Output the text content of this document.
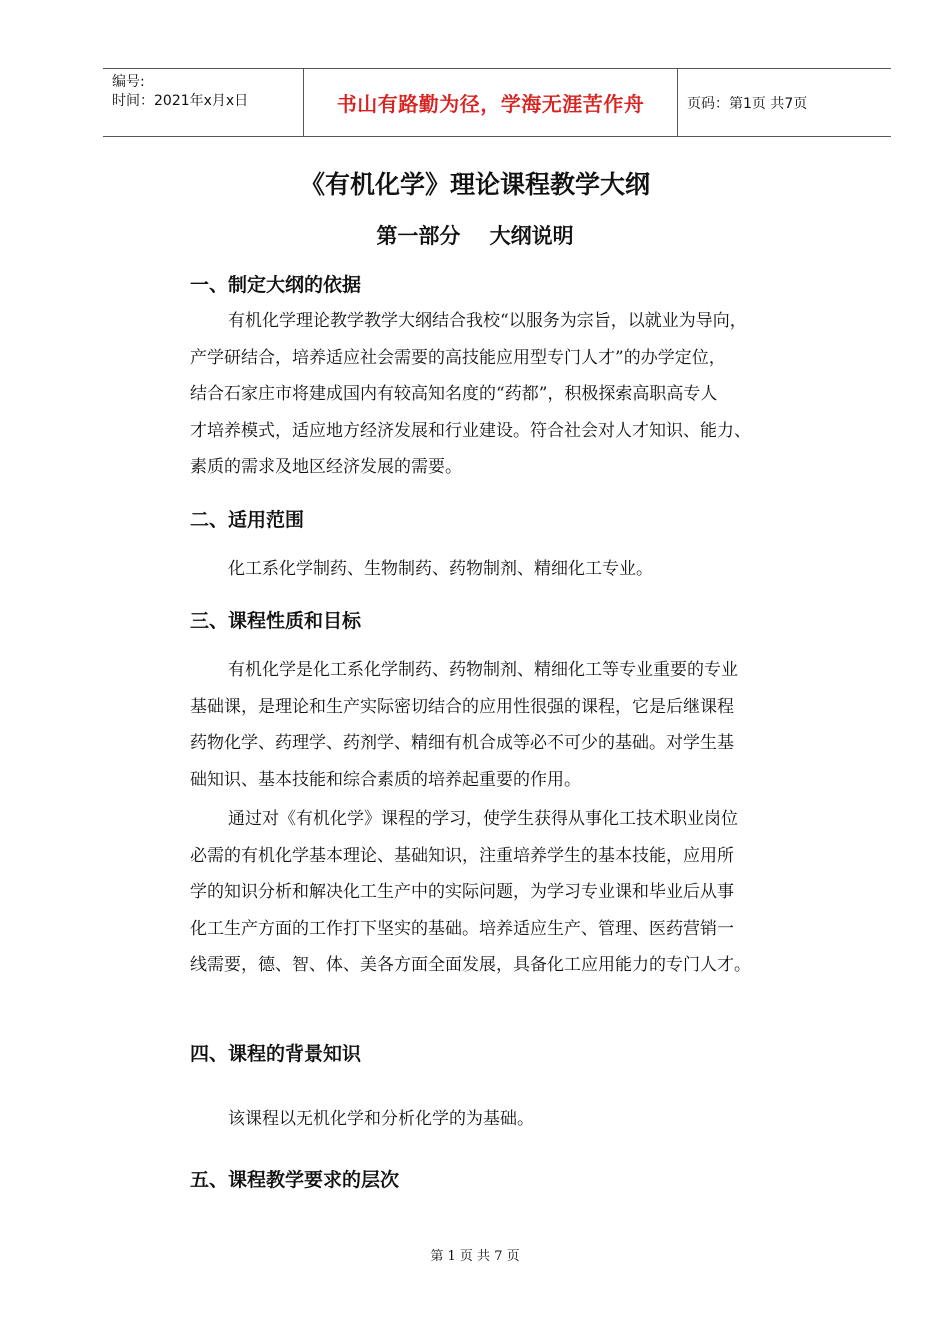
编号:
时间：2021年x月x日	书山有路勤为径，学海无涯苦作舟	页码：第1页 共7页
《有机化学》理论课程教学大纲
第一部分    大纲说明
一、制定大纲的依据
有机化学理论教学教学大纲结合我校“以服务为宗旨，以就业为导向，
产学研结合，培养适应社会需要的高技能应用型专门人才”的办学定位，
结合石家庄市将建成国内有较高知名度的“药都”，积极探索高职高专人
才培养模式，适应地方经济发展和行业建设。符合社会对人才知识、能力、
素质的需求及地区经济发展的需要。
二、适用范围
化工系化学制药、生物制药、药物制剂、精细化工专业。
三、课程性质和目标
有机化学是化工系化学制药、药物制剂、精细化工等专业重要的专业
基础课，是理论和生产实际密切结合的应用性很强的课程，它是后继课程
药物化学、药理学、药剂学、精细有机合成等必不可少的基础。对学生基
础知识、基本技能和综合素质的培养起重要的作用。
通过对《有机化学》课程的学习，使学生获得从事化工技术职业岗位
必需的有机化学基本理论、基础知识，注重培养学生的基本技能，应用所
学的知识分析和解决化工生产中的实际问题，为学习专业课和毕业后从事
化工生产方面的工作打下坚实的基础。培养适应生产、管理、医药营销一
线需要，德、智、体、美各方面全面发展，具备化工应用能力的专门人才。
四、课程的背景知识
该课程以无机化学和分析化学的为基础。
五、课程教学要求的层次
第 1 页 共 7 页
